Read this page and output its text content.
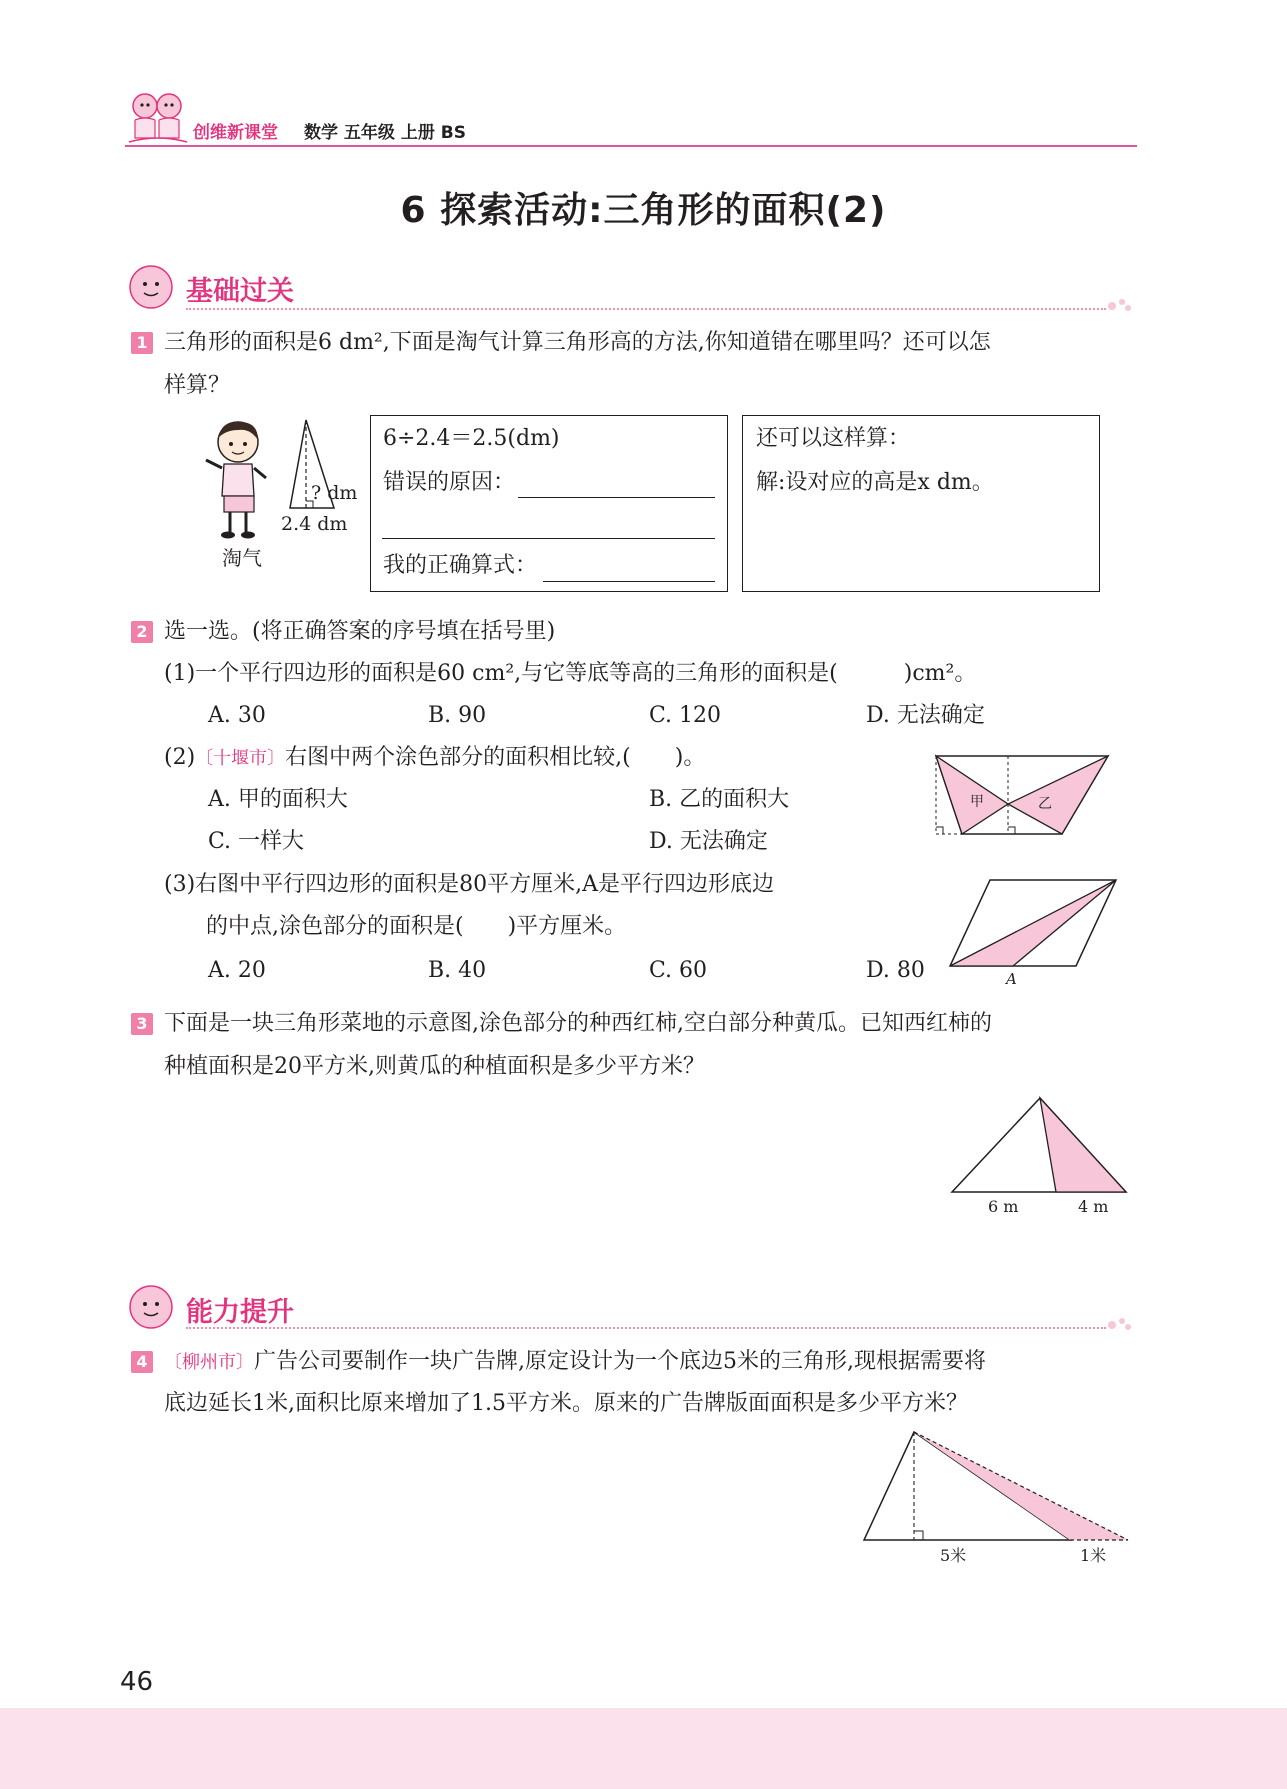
创维新课堂 数学 五年级 上册 BS
6 探索活动:三角形的面积(2)
基础过关
1 三角形的面积是6 dm²,下面是淘气计算三角形高的方法,你知道错在哪里吗？还可以怎
样算？
淘气
? dm
2.4 dm
6÷2.4＝2.5(dm)
错误的原因：
我的正确算式：
还可以这样算：
解:设对应的高是x dm。
2 选一选。(将正确答案的序号填在括号里)
(1)一个平行四边形的面积是60 cm²,与它等底等高的三角形的面积是(　　　)cm²。
A. 30	B. 90	C. 120	D. 无法确定
(2)〔十堰市〕右图中两个涂色部分的面积相比较,(　　)。
A. 甲的面积大	B. 乙的面积大
C. 一样大	D. 无法确定
甲	乙
(3)右图中平行四边形的面积是80平方厘米,A是平行四边形底边
的中点,涂色部分的面积是(　　)平方厘米。
A. 20	B. 40	C. 60	D. 80	A
3 下面是一块三角形菜地的示意图,涂色部分的种西红柿,空白部分种黄瓜。已知西红柿的
种植面积是20平方米,则黄瓜的种植面积是多少平方米？
6 m	4 m
能力提升
4 〔柳州市〕广告公司要制作一块广告牌,原定设计为一个底边5米的三角形,现根据需要将
底边延长1米,面积比原来增加了1.5平方米。原来的广告牌版面面积是多少平方米？
5米	1米
46
